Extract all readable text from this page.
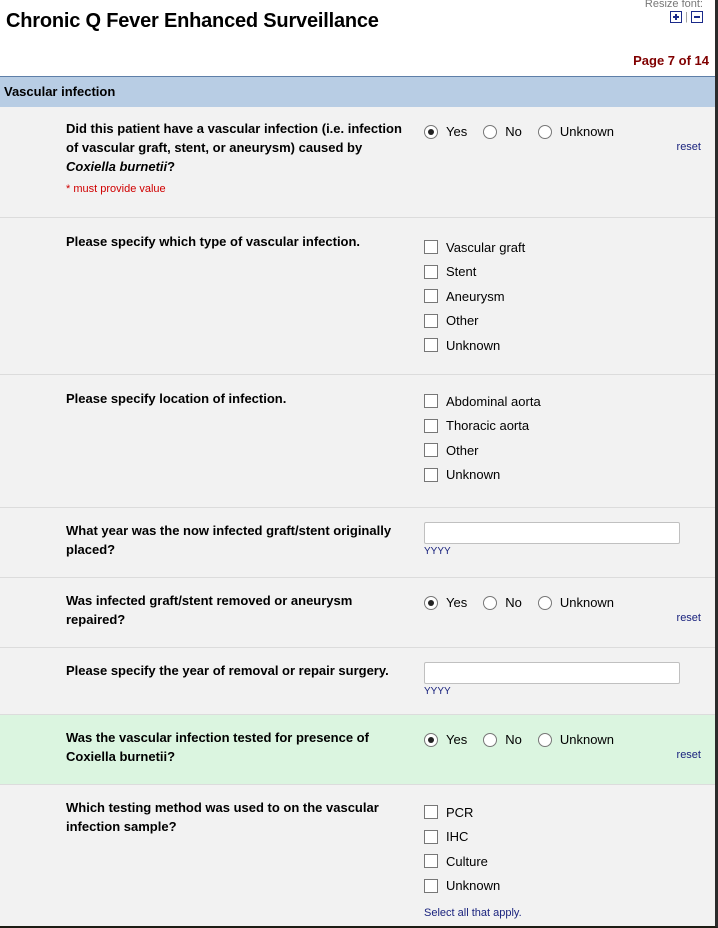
Chronic Q Fever Enhanced Surveillance
Resize font:
|
Page 7 of 14
Vascular infection
Did this patient have a vascular infection (i.e. infection of vascular graft, stent, or aneurysm) caused by Coxiella burnetii?
* must provide value
Yes	No	Unknown
reset
Please specify which type of vascular infection.	Vascular graft
Stent
Aneurysm
Other
Unknown
Please specify location of infection.	Abdominal aorta
Thoracic aorta
Other
Unknown
What year was the now infected graft/stent originally placed?	YYYY
Was infected graft/stent removed or aneurysm repaired?
Yes	No	Unknown
reset
Please specify the year of removal or repair surgery.
YYYY
Was the vascular infection tested for presence of Coxiella burnetii?
Yes	No	Unknown
reset
Which testing method was used to on the vascular infection sample?
PCR
IHC
Culture
Unknown
Select all that apply.
